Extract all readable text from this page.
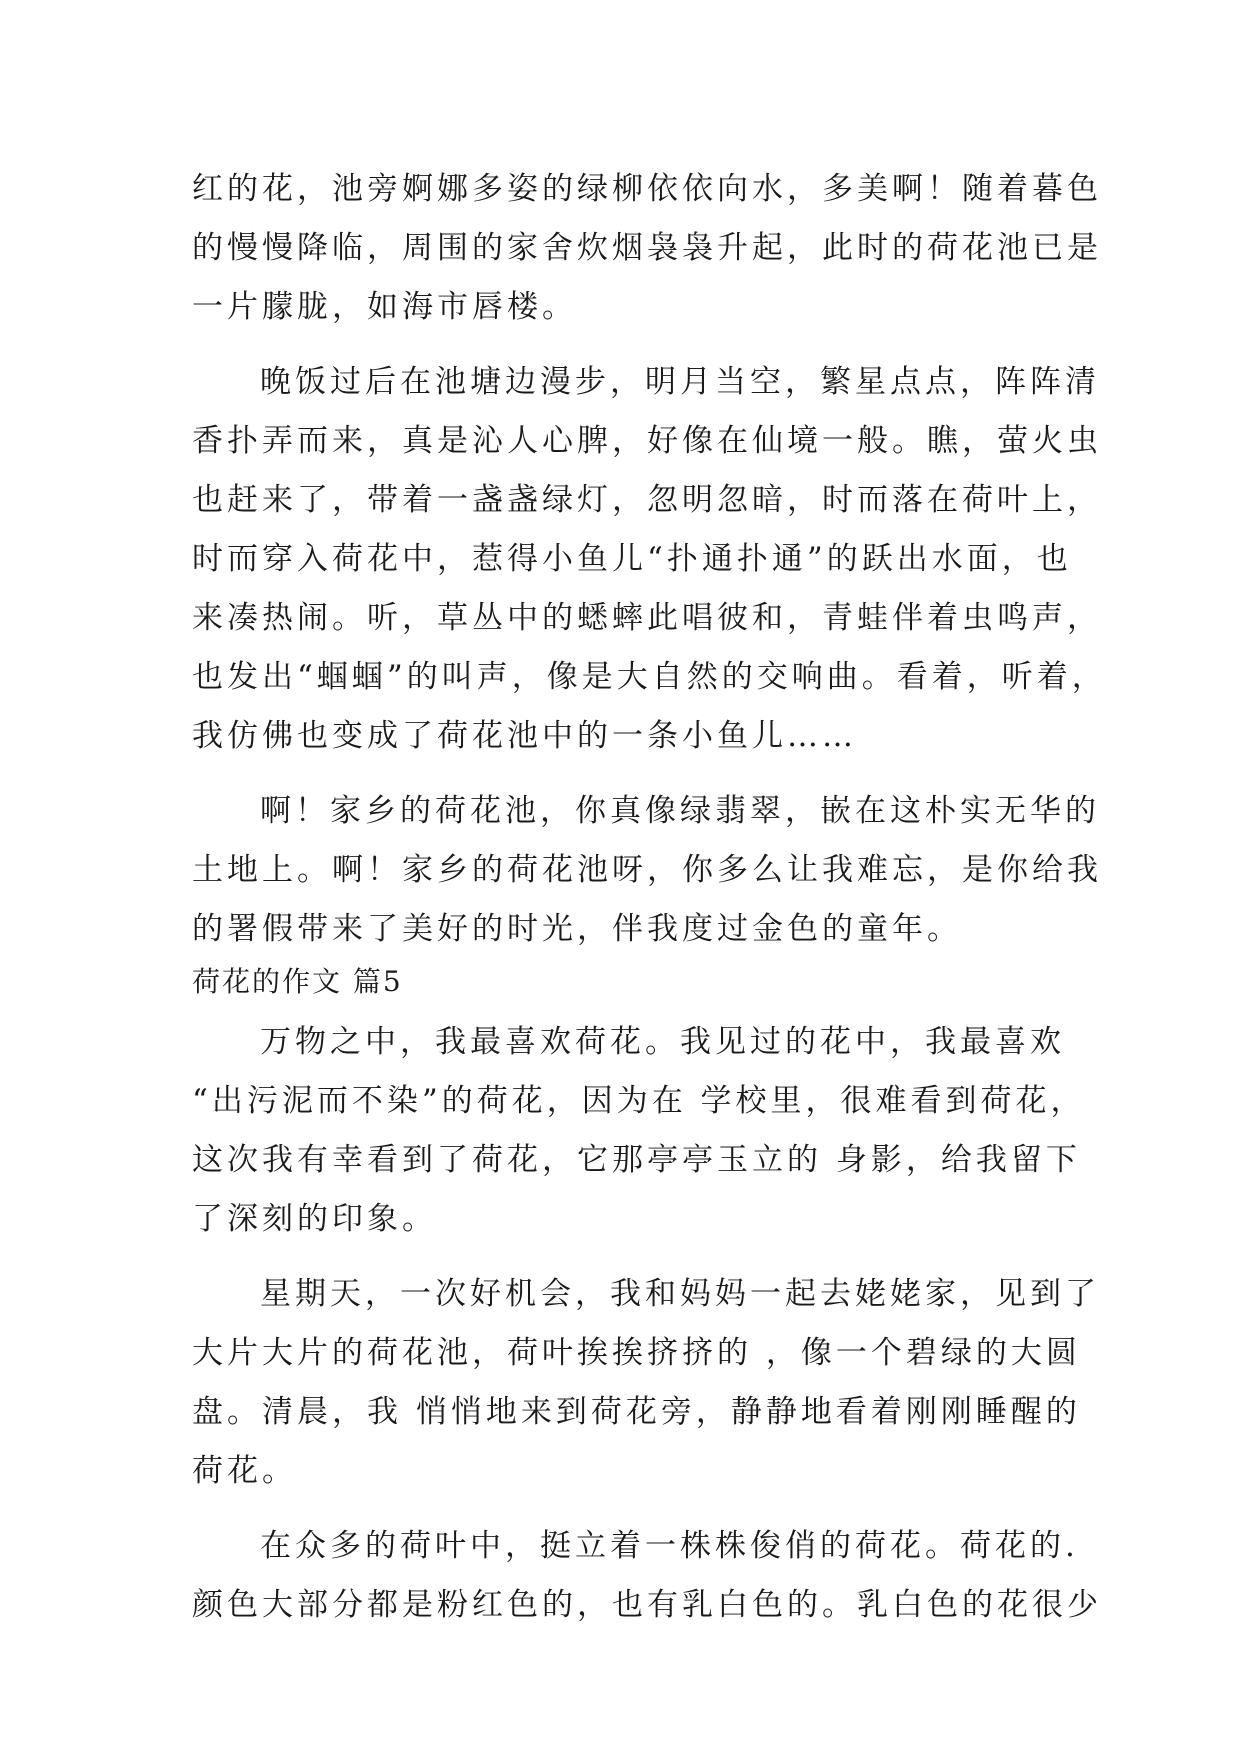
红的花，池旁婀娜多姿的绿柳依依向水，多美啊！随着暮色
的慢慢降临，周围的家舍炊烟袅袅升起，此时的荷花池已是
一片朦胧，如海市唇楼。
晚饭过后在池塘边漫步，明月当空，繁星点点，阵阵清
香扑弄而来，真是沁人心脾，好像在仙境一般。瞧，萤火虫
也赶来了，带着一盏盏绿灯，忽明忽暗，时而落在荷叶上，
时而穿入荷花中，惹得小鱼儿“扑通扑通”的跃出水面，也
来凑热闹。听，草丛中的蟋蟀此唱彼和，青蛙伴着虫鸣声，
也发出“蝈蝈”的叫声，像是大自然的交响曲。看着，听着，
我仿佛也变成了荷花池中的一条小鱼儿……
啊！家乡的荷花池，你真像绿翡翠，嵌在这朴实无华的
土地上。啊！家乡的荷花池呀，你多么让我难忘，是你给我
的署假带来了美好的时光，伴我度过金色的童年。
荷花的作文 篇5
万物之中，我最喜欢荷花。我见过的花中，我最喜欢
“出污泥而不染”的荷花，因为在 学校里，很难看到荷花，
这次我有幸看到了荷花，它那亭亭玉立的 身影，给我留下
了深刻的印象。
星期天，一次好机会，我和妈妈一起去姥姥家，见到了
大片大片的荷花池，荷叶挨挨挤挤的 ，像一个碧绿的大圆
盘。清晨，我 悄悄地来到荷花旁，静静地看着刚刚睡醒的
荷花。
在众多的荷叶中，挺立着一株株俊俏的荷花。荷花的.
颜色大部分都是粉红色的，也有乳白色的。乳白色的花很少
